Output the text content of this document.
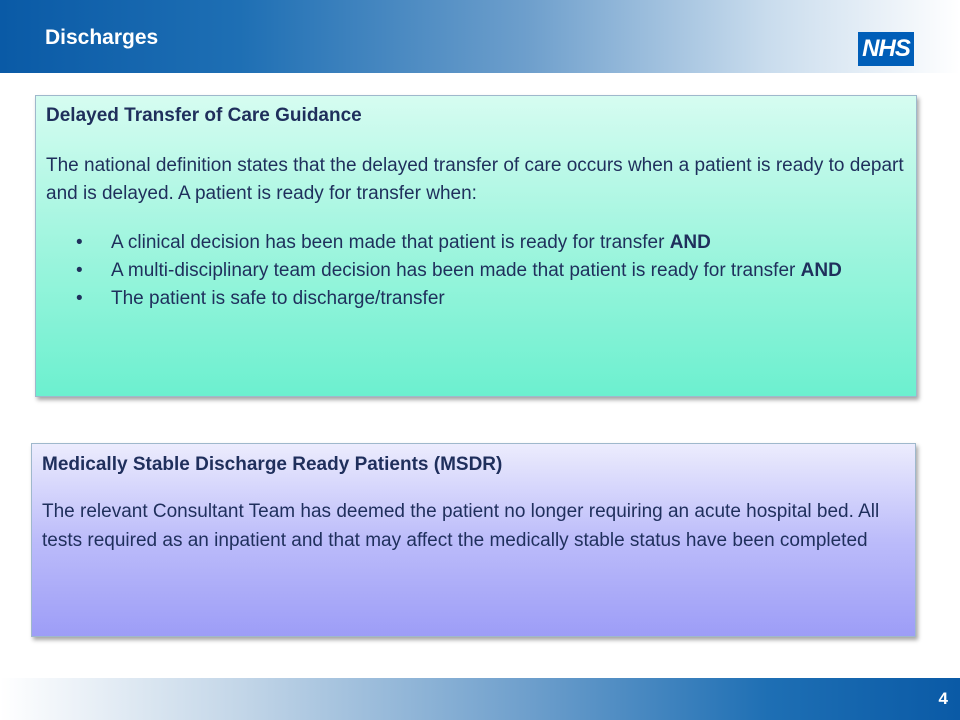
Discharges	NHS
Delayed Transfer of Care Guidance
The national definition states that the delayed transfer of care occurs when a patient is ready to depart and is delayed. A patient is ready for transfer when:
• A clinical decision has been made that patient is ready for transfer AND
• A multi-disciplinary team decision has been made that patient is ready for transfer AND
• The patient is safe to discharge/transfer
Medically Stable Discharge Ready Patients (MSDR)
The relevant Consultant Team has deemed the patient no longer requiring an acute hospital bed. All tests required as an inpatient and that may affect the medically stable status have been completed
4
